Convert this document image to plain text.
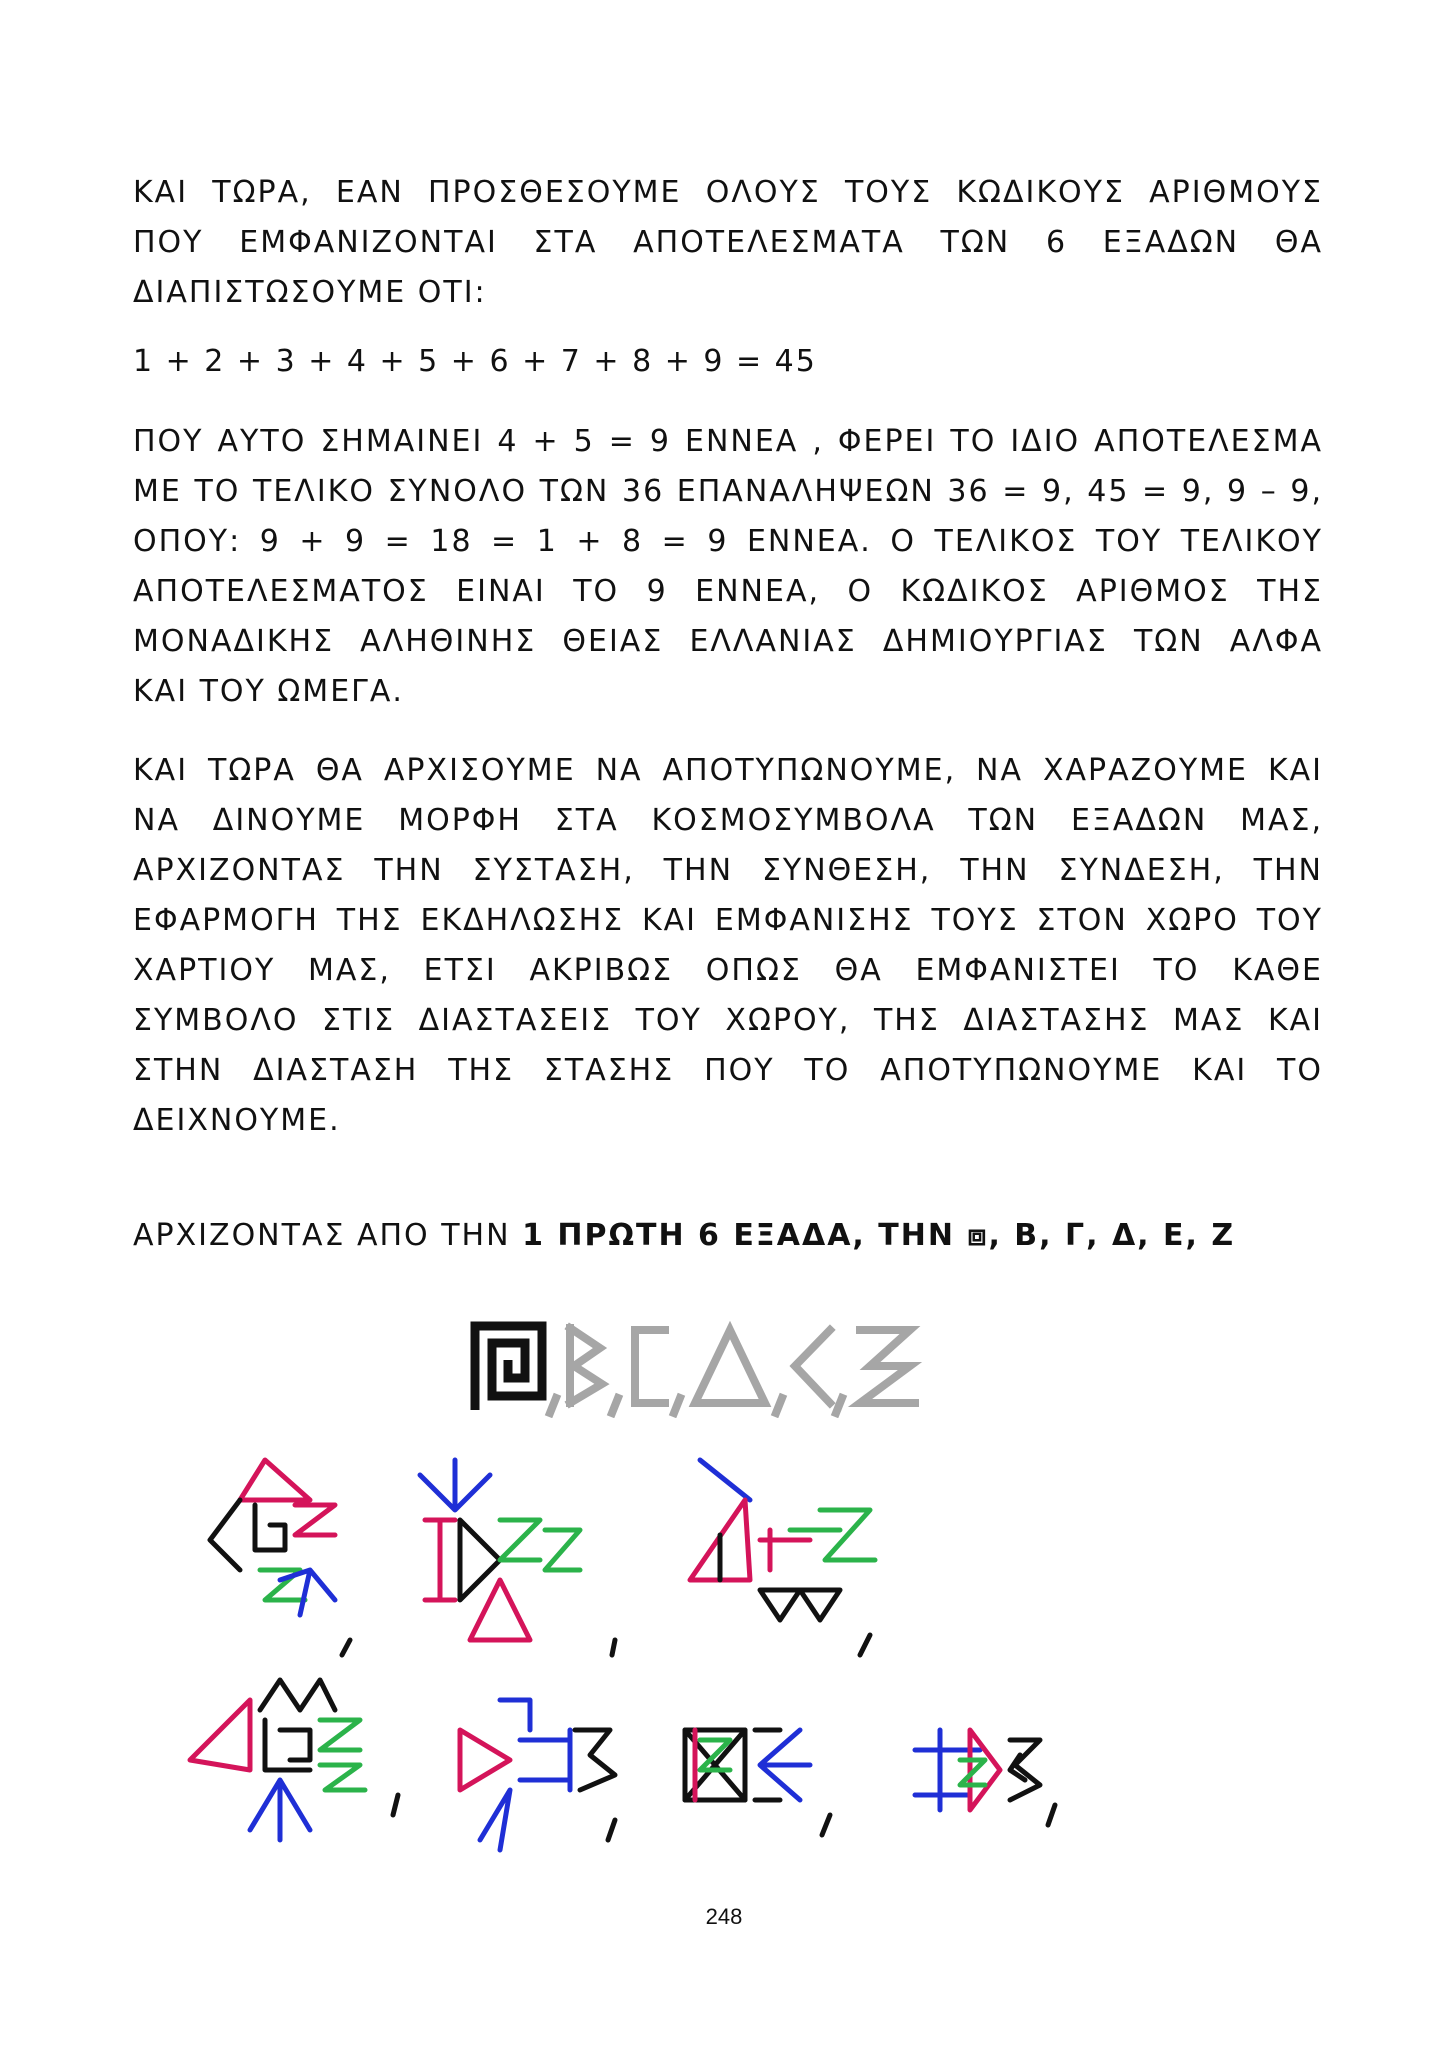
ΚΑΙ ΤΩΡΑ, ΕΑΝ ΠΡΟΣΘΕΣΟΥΜΕ ΟΛΟΥΣ ΤΟΥΣ ΚΩΔΙΚΟΥΣ ΑΡΙΘΜΟΥΣ
ΠΟΥ ΕΜΦΑΝΙΖΟΝΤΑΙ ΣΤΑ ΑΠΟΤΕΛΕΣΜΑΤΑ ΤΩΝ 6 ΕΞΑΔΩΝ ΘΑ
ΔΙΑΠΙΣΤΩΣΟΥΜΕ ΟΤΙ:
1 + 2 + 3 + 4 + 5 + 6 + 7 + 8 + 9 = 45
ΠΟΥ ΑΥΤΟ ΣΗΜΑΙΝΕΙ 4 + 5 = 9 ΕΝΝΕΑ , ΦΕΡΕΙ ΤΟ ΙΔΙΟ ΑΠΟΤΕΛΕΣΜΑ
ΜΕ ΤΟ ΤΕΛΙΚΟ ΣΥΝΟΛΟ ΤΩΝ 36 ΕΠΑΝΑΛΗΨΕΩΝ 36 = 9, 45 = 9, 9 – 9,
ΟΠΟΥ: 9 + 9 = 18 = 1 + 8 = 9 ΕΝΝΕΑ. Ο ΤΕΛΙΚΟΣ ΤΟΥ ΤΕΛΙΚΟΥ
ΑΠΟΤΕΛΕΣΜΑΤΟΣ ΕΙΝΑΙ ΤΟ 9 ΕΝΝΕΑ, Ο ΚΩΔΙΚΟΣ ΑΡΙΘΜΟΣ ΤΗΣ
ΜΟΝΑΔΙΚΗΣ ΑΛΗΘΙΝΗΣ ΘΕΙΑΣ ΕΛΛΑΝΙΑΣ ΔΗΜΙΟΥΡΓΙΑΣ ΤΩΝ ΑΛΦΑ
ΚΑΙ ΤΟΥ ΩΜΕΓΑ.
ΚΑΙ ΤΩΡΑ ΘΑ ΑΡΧΙΣΟΥΜΕ ΝΑ ΑΠΟΤΥΠΩΝΟΥΜΕ, ΝΑ ΧΑΡΑΖΟΥΜΕ ΚΑΙ
ΝΑ ΔΙΝΟΥΜΕ ΜΟΡΦΗ ΣΤΑ ΚΟΣΜΟΣΥΜΒΟΛΑ ΤΩΝ ΕΞΑΔΩΝ ΜΑΣ,
ΑΡΧΙΖΟΝΤΑΣ ΤΗΝ ΣΥΣΤΑΣΗ, ΤΗΝ ΣΥΝΘΕΣΗ, ΤΗΝ ΣΥΝΔΕΣΗ, ΤΗΝ
ΕΦΑΡΜΟΓΗ ΤΗΣ ΕΚΔΗΛΩΣΗΣ ΚΑΙ ΕΜΦΑΝΙΣΗΣ ΤΟΥΣ ΣΤΟΝ ΧΩΡΟ ΤΟΥ
ΧΑΡΤΙΟΥ ΜΑΣ, ΕΤΣΙ ΑΚΡΙΒΩΣ ΟΠΩΣ ΘΑ ΕΜΦΑΝΙΣΤΕΙ ΤΟ ΚΑΘΕ
ΣΥΜΒΟΛΟ ΣΤΙΣ ΔΙΑΣΤΑΣΕΙΣ ΤΟΥ ΧΩΡΟΥ, ΤΗΣ ΔΙΑΣΤΑΣΗΣ ΜΑΣ ΚΑΙ
ΣΤΗΝ ΔΙΑΣΤΑΣΗ ΤΗΣ ΣΤΑΣΗΣ ΠΟΥ ΤΟ ΑΠΟΤΥΠΩΝΟΥΜΕ ΚΑΙ ΤΟ
ΔΕΙΧΝΟΥΜΕ.
ΑΡΧΙΖΟΝΤΑΣ ΑΠΟ ΤΗΝ 1 ΠΡΩΤΗ 6 ΕΞΑΔΑ, ΤΗΝ ⧈, Β, Γ, Δ, Ε, Ζ
248
